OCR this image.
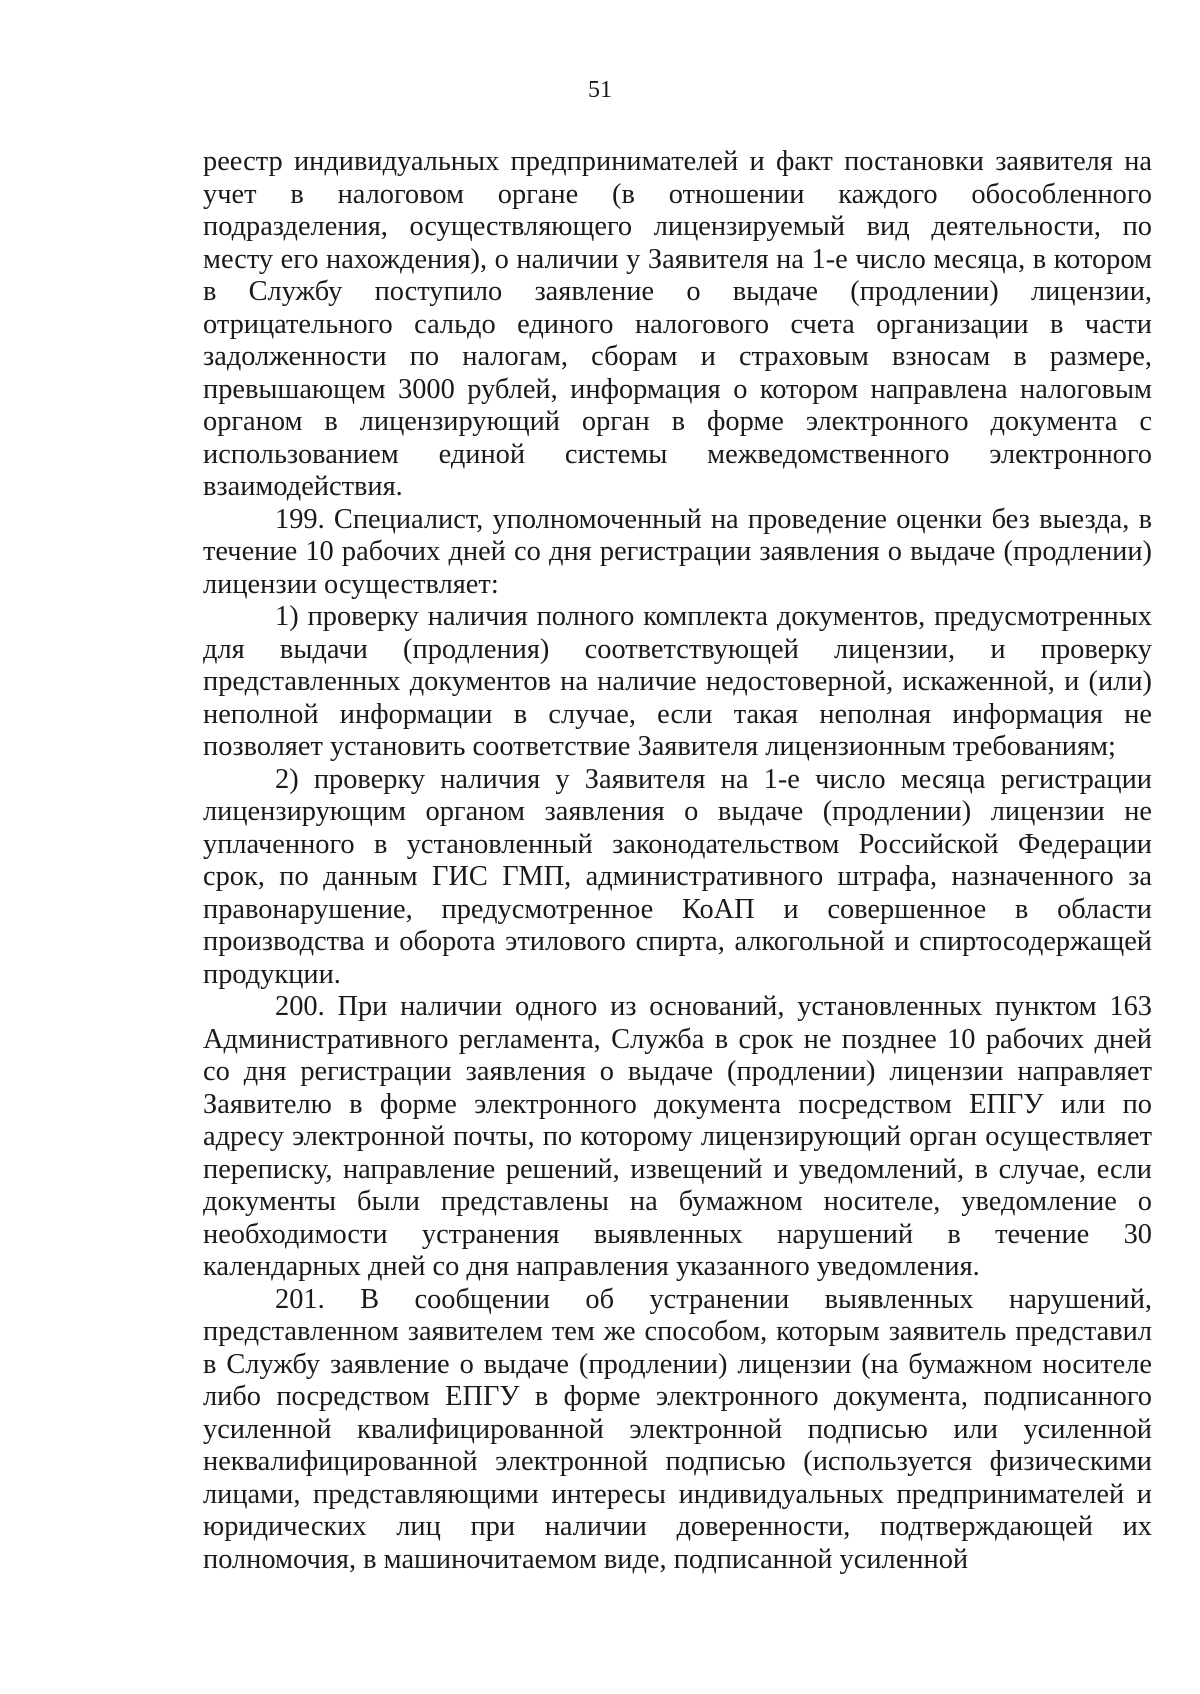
51

реестр индивидуальных предпринимателей и факт постановки заявителя на учет в налоговом органе (в отношении каждого обособленного подразделения, осуществляющего лицензируемый вид деятельности, по месту его нахождения), о наличии у Заявителя на 1-е число месяца, в котором в Службу поступило заявление о выдаче (продлении) лицензии, отрицательного сальдо единого налогового счета организации в части задолженности по налогам, сборам и страховым взносам в размере, превышающем 3000 рублей, информация о котором направлена налоговым органом в лицензирующий орган в форме электронного документа с использованием единой системы межведомственного электронного взаимодействия.

199. Специалист, уполномоченный на проведение оценки без выезда, в течение 10 рабочих дней со дня регистрации заявления о выдаче (продлении) лицензии осуществляет:

1) проверку наличия полного комплекта документов, предусмотренных для выдачи (продления) соответствующей лицензии, и проверку представленных документов на наличие недостоверной, искаженной, и (или) неполной информации в случае, если такая неполная информация не позволяет установить соответствие Заявителя лицензионным требованиям;

2) проверку наличия у Заявителя на 1-е число месяца регистрации лицензирующим органом заявления о выдаче (продлении) лицензии не уплаченного в установленный законодательством Российской Федерации срок, по данным ГИС ГМП, административного штрафа, назначенного за правонарушение, предусмотренное КоАП и совершенное в области производства и оборота этилового спирта, алкогольной и спиртосодержащей продукции.

200. При наличии одного из оснований, установленных пунктом 163 Административного регламента, Служба в срок не позднее 10 рабочих дней со дня регистрации заявления о выдаче (продлении) лицензии направляет Заявителю в форме электронного документа посредством ЕПГУ или по адресу электронной почты, по которому лицензирующий орган осуществляет переписку, направление решений, извещений и уведомлений, в случае, если документы были представлены на бумажном носителе, уведомление о необходимости устранения выявленных нарушений в течение 30 календарных дней со дня направления указанного уведомления.

201. В сообщении об устранении выявленных нарушений, представленном заявителем тем же способом, которым заявитель представил в Службу заявление о выдаче (продлении) лицензии (на бумажном носителе либо посредством ЕПГУ в форме электронного документа, подписанного усиленной квалифицированной электронной подписью или усиленной неквалифицированной электронной подписью (используется физическими лицами, представляющими интересы индивидуальных предпринимателей и юридических лиц при наличии доверенности, подтверждающей их полномочия, в машиночитаемом виде, подписанной усиленной
